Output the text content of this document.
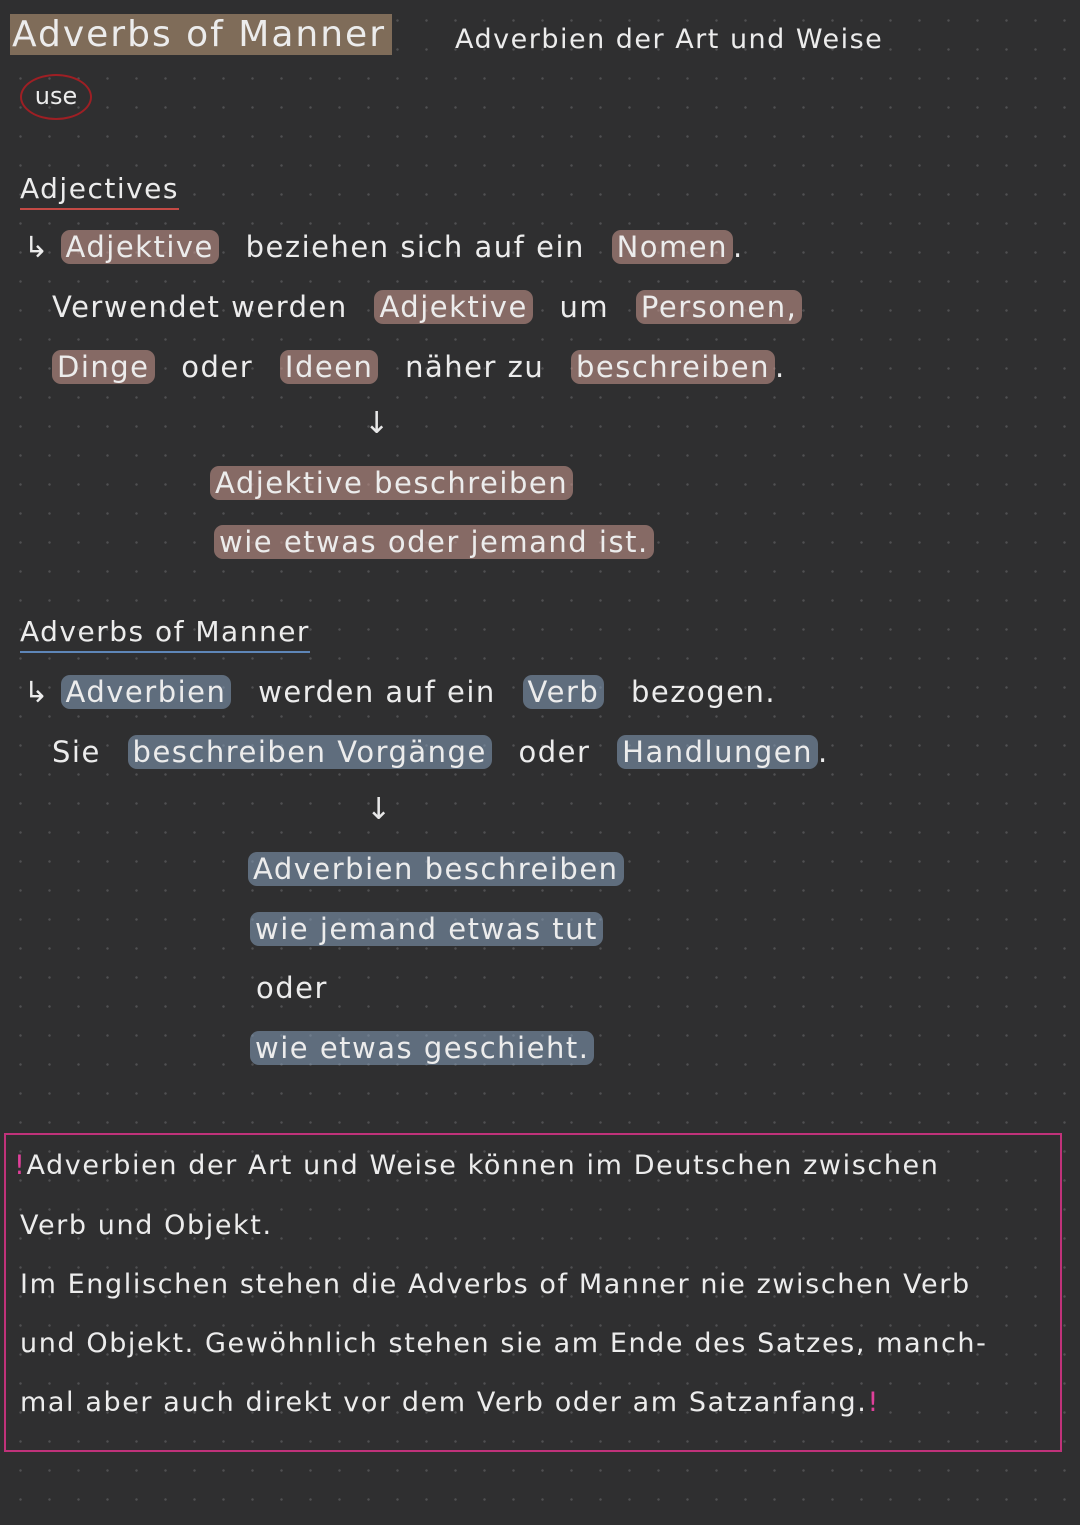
Adverbs of Manner	Adverbien der Art und Weise
use
Adjectives
↳ Adjektive beziehen sich auf ein Nomen .
Verwendet werden Adjektive um Personen,
Dinge oder Ideen näher zu beschreiben .
↓
Adjektive beschreiben
wie etwas oder jemand ist.
Adverbs of Manner
↳ Adverbien werden auf ein Verb bezogen.
Sie beschreiben Vorgänge oder Handlungen .
↓
Adverbien beschreiben
wie jemand etwas tut
oder
wie etwas geschieht.
!Adverbien der Art und Weise können im Deutschen zwischen
Verb und Objekt.
Im Englischen stehen die Adverbs of Manner nie zwischen Verb
und Objekt. Gewöhnlich stehen sie am Ende des Satzes, manch-
mal aber auch direkt vor dem Verb oder am Satzanfang.!
